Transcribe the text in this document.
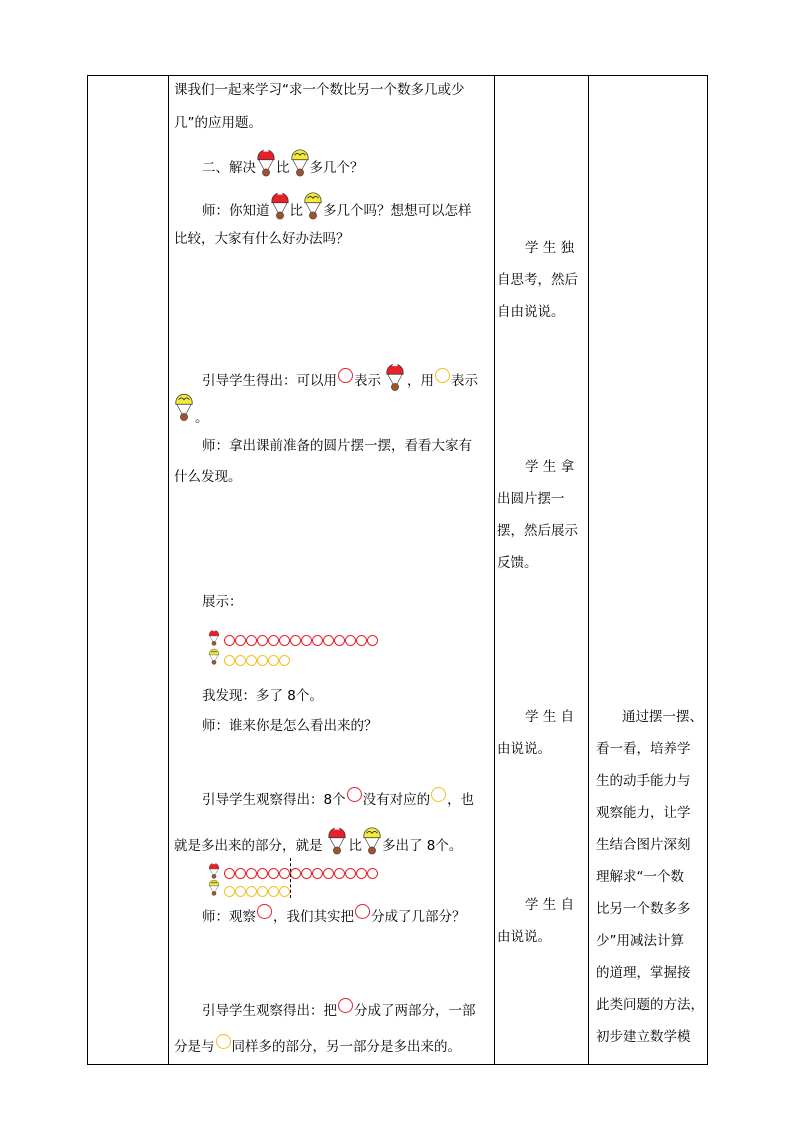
课我们一起来学习“求一个数比另一个数多几或少
几”的应用题。
二、解决 比 多几个？
师：你知道 比 多几个吗？想想可以怎样
比较，大家有什么好办法吗？
引导学生得出：可以用 表示 ，用 表示
。
师：拿出课前准备的圆片摆一摆，看看大家有
什么发现。
展示：
我发现：多了 8个。
师：谁来你是怎么看出来的？
引导学生观察得出：8个 没有对应的 ，也
就是多出来的部分，就是 比 多出了 8个。
师：观察 ，我们其实把 分成了几部分？
引导学生观察得出：把 分成了两部分，一部
分是与 同样多的部分，另一部分是多出来的。
学 生 独
自思考，然后
自由说说。
学 生 拿
出圆片摆一
摆，然后展示
反馈。
学 生 自
由说说。
学 生 自
由说说。
通过摆一摆、
看一看，培养学
生的动手能力与
观察能力，让学
生结合图片深刻
理解求“一个数
比另一个数多多
少”用减法计算
的道理，掌握接
此类问题的方法，
初步建立数学模
